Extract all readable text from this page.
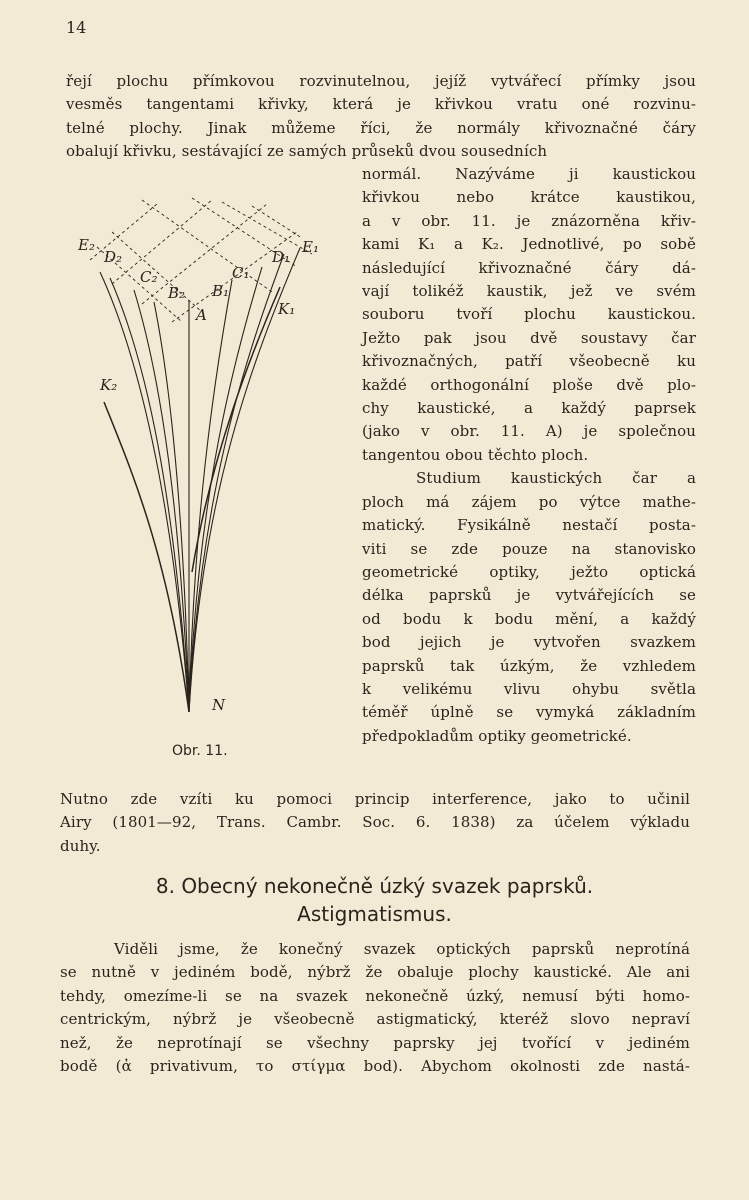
14
řejí plochu přímkovou rozvinutelnou, jejíž vytvářecí přímky jsou
vesměs tangentami křivky, která je křivkou vratu oné rozvinu-
telné plochy. Jinak můžeme říci, že normály křivoznačné čáry
obalují křivku, sestávající ze samých průseků dvou sousedních
E₂
D₂
C₂
B₂
A
B₁
C₁
D₁
E₁
K₁
K₂
N
Obr. 11.
normál. Nazýváme ji kaustickou
křivkou nebo krátce kaustikou,
a v obr. 11. je znázorněna křiv-
kami K₁ a K₂. Jednotlivé, po sobě
následující křivoznačné čáry dá-
vají tolikéž kaustik, jež ve svém
souboru tvoří plochu kaustickou.
Ježto pak jsou dvě soustavy čar
křivoznačných, patří všeobecně ku
každé orthogonální ploše dvě plo-
chy kaustické, a každý paprsek
(jako v obr. 11. A) je společnou
tangentou obou těchto ploch.
Studium kaustických čar a
ploch má zájem po výtce mathe-
matický. Fysikálně nestačí posta-
viti se zde pouze na stanovisko
geometrické optiky, ježto optická
délka paprsků je vytvářejících se
od bodu k bodu mění, a každý
bod jejich je vytvořen svazkem
paprsků tak úzkým, že vzhledem
k velikému vlivu ohybu světla
téměř úplně se vymyká základním
předpokladům optiky geometrické.
Nutno zde vzíti ku pomoci princip interference, jako to učinil
Airy (1801—92, Trans. Cambr. Soc. 6. 1838) za účelem výkladu
duhy.
8. Obecný nekonečně úzký svazek paprsků.
Astigmatismus.
Viděli jsme, že konečný svazek optických paprsků neprotíná
se nutně v jediném bodě, nýbrž že obaluje plochy kaustické. Ale ani
tehdy, omezíme-li se na svazek nekonečně úzký, nemusí býti homo-
centrickým, nýbrž je všeobecně astigmatický, kteréž slovo nepraví
než, že neprotínají se všechny paprsky jej tvořící v jediném
bodě (ἀ privativum, το στίγμα bod). Abychom okolnosti zde nastá-
